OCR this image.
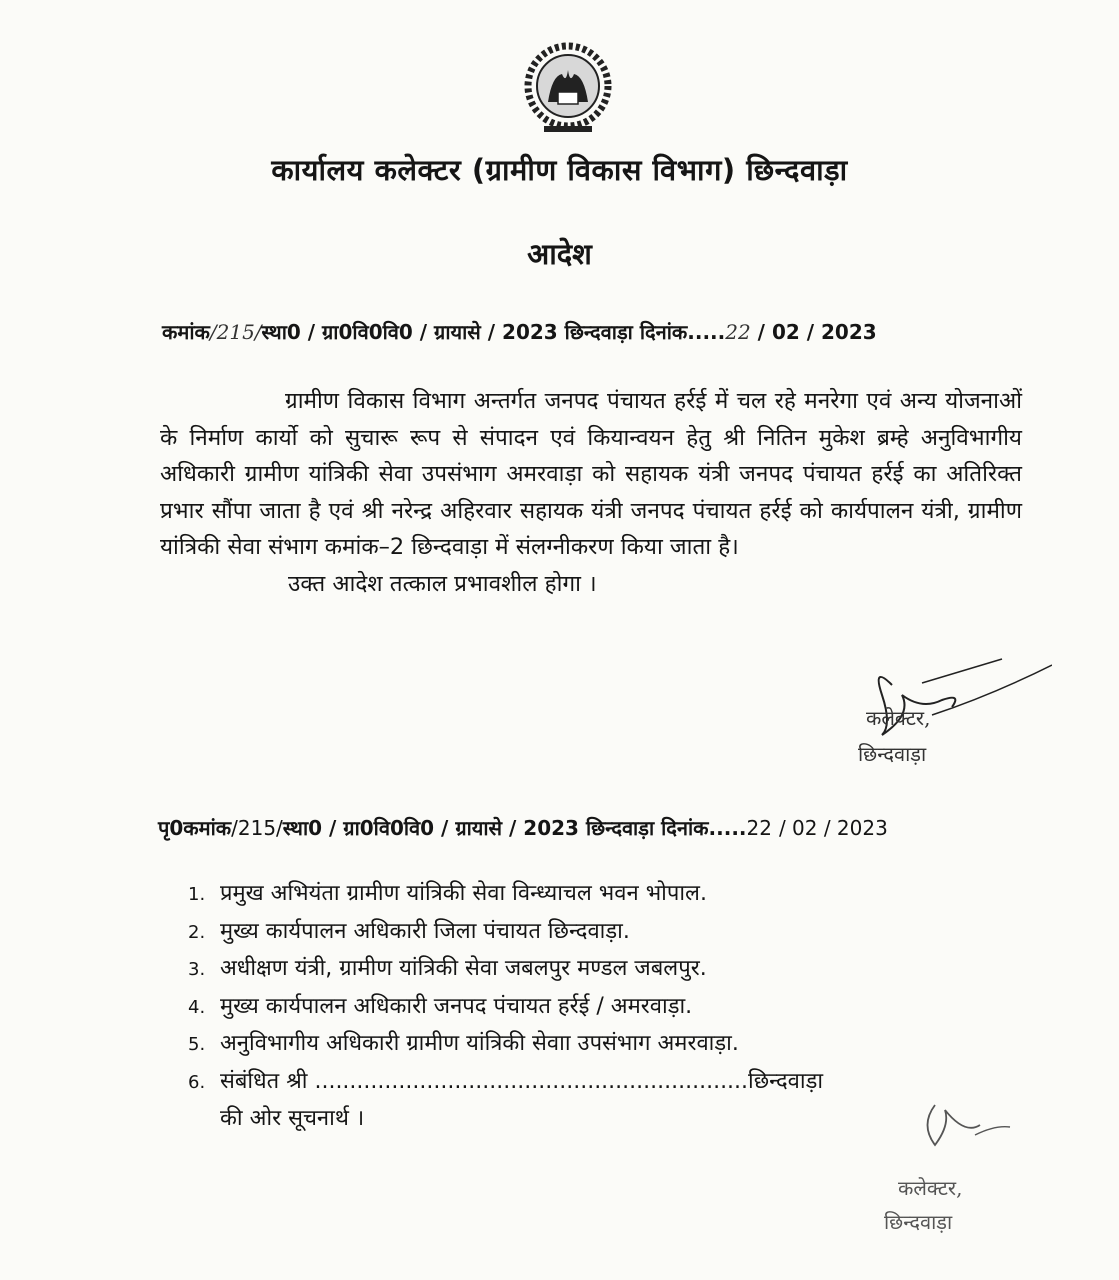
कार्यालय कलेक्टर (ग्रामीण विकास विभाग) छिन्दवाड़ा
आदेश
कमांक/215/स्था0 / ग्रा0वि0वि0 / ग्रायासे / 2023 छिन्दवाड़ा दिनांक.....22 / 02 / 2023

ग्रामीण विकास विभाग अन्तर्गत जनपद पंचायत हर्रई में चल रहे मनरेगा एवं अन्य योजनाओं के निर्माण कार्यो को सुचारू रूप से संपादन एवं कियान्वयन हेतु श्री नितिन मुकेश ब्रम्हे अनुविभागीय अधिकारी ग्रामीण यांत्रिकी सेवा उपसंभाग अमरवाड़ा को सहायक यंत्री जनपद पंचायत हर्रई का अतिरिक्त प्रभार सौंपा जाता है एवं श्री नरेन्द्र अहिरवार सहायक यंत्री जनपद पंचायत हर्रई को कार्यपालन यंत्री, ग्रामीण यांत्रिकी सेवा संभाग कमांक–2 छिन्दवाड़ा में संलग्नीकरण किया जाता है।

उक्त आदेश तत्काल प्रभावशील होगा ।

कलेक्टर,
छिन्दवाड़ा
पृ0कमांक/215/स्था0 / ग्रा0वि0वि0 / ग्रायासे / 2023 छिन्दवाड़ा दिनांक.....22 / 02 / 2023
1. प्रमुख अभियंता ग्रामीण यांत्रिकी सेवा विन्ध्याचल भवन भोपाल.
2. मुख्य कार्यपालन अधिकारी जिला पंचायत छिन्दवाड़ा.
3. अधीक्षण यंत्री, ग्रामीण यांत्रिकी सेवा जबलपुर मण्डल जबलपुर.
4. मुख्य कार्यपालन अधिकारी जनपद पंचायत हर्रई / अमरवाड़ा.
5. अनुविभागीय अधिकारी ग्रामीण यांत्रिकी सेवाा उपसंभाग अमरवाड़ा.
6. संबंधित श्री ..............................................................छिन्दवाड़ा
की ओर सूचनार्थ ।
कलेक्टर,
छिन्दवाड़ा
